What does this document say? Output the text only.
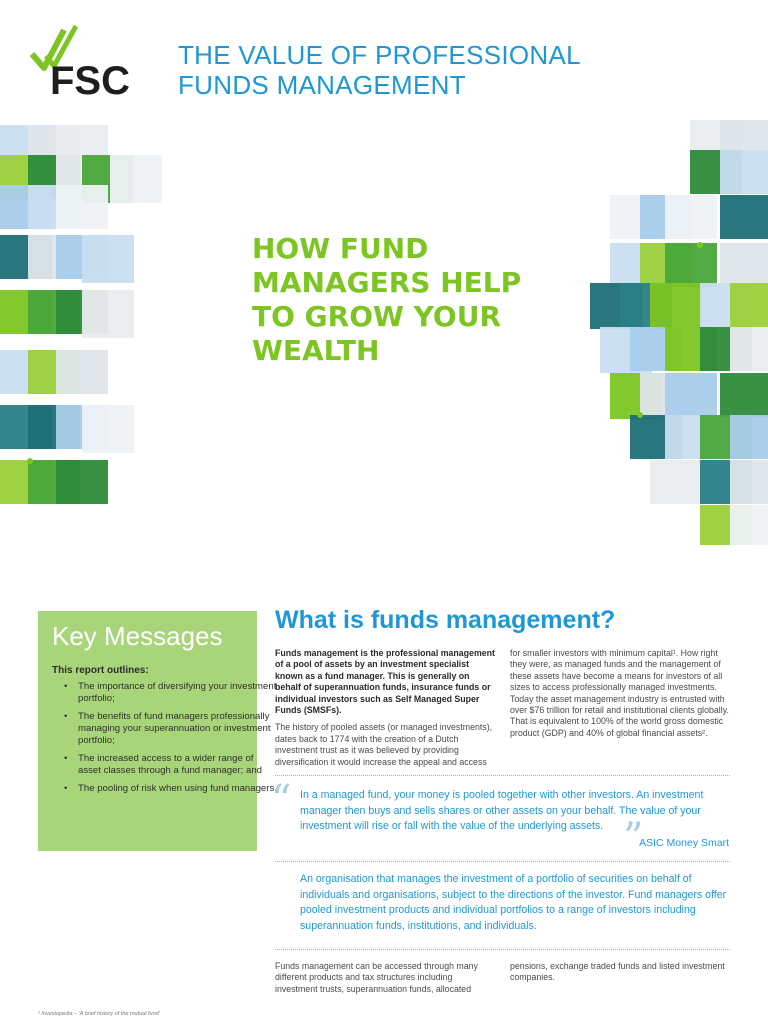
FSC
THE VALUE OF PROFESSIONAL
FUNDS MANAGEMENT
HOW FUND
MANAGERS HELP
TO GROW YOUR
WEALTH
Key Messages
This report outlines:
• The importance of diversifying your investment portfolio;
• The benefits of fund managers professionally managing your superannuation or investment portfolio;
• The increased access to a wider range of asset classes through a fund manager; and
• The pooling of risk when using fund managers.
What is funds management?
Funds management is the professional management of a pool of assets by an investment specialist known as a fund manager. This is generally on behalf of superannuation funds, insurance funds or individual investors such as Self Managed Super Funds (SMSFs).
The history of pooled assets (or managed investments), dates back to 1774 with the creation of a Dutch investment trust as it was believed by providing diversification it would increase the appeal and access
for smaller investors with minimum capital¹. How right they were, as managed funds and the management of these assets have become a means for investors of all sizes to access professionally managed investments. Today the asset management industry is entrusted with over $76 trillion for retail and institutional clients globally. That is equivalent to 100% of the world gross domestic product (GDP) and 40% of global financial assets².
“ In a managed fund, your money is pooled together with other investors. An investment manager then buys and sells shares or other assets on your behalf. The value of your investment will rise or fall with the value of the underlying assets. ”
ASIC Money Smart
An organisation that manages the investment of a portfolio of securities on behalf of individuals and organisations, subject to the directions of the investor. Fund managers offer pooled investment products and individual portfolios to a range of investors including superannuation funds, institutions, and individuals.
Funds management can be accessed through many different products and tax structures including investment trusts, superannuation funds, allocated
pensions, exchange traded funds and listed investment companies.
¹ Investopedia – 'A brief history of the mutual fund'
